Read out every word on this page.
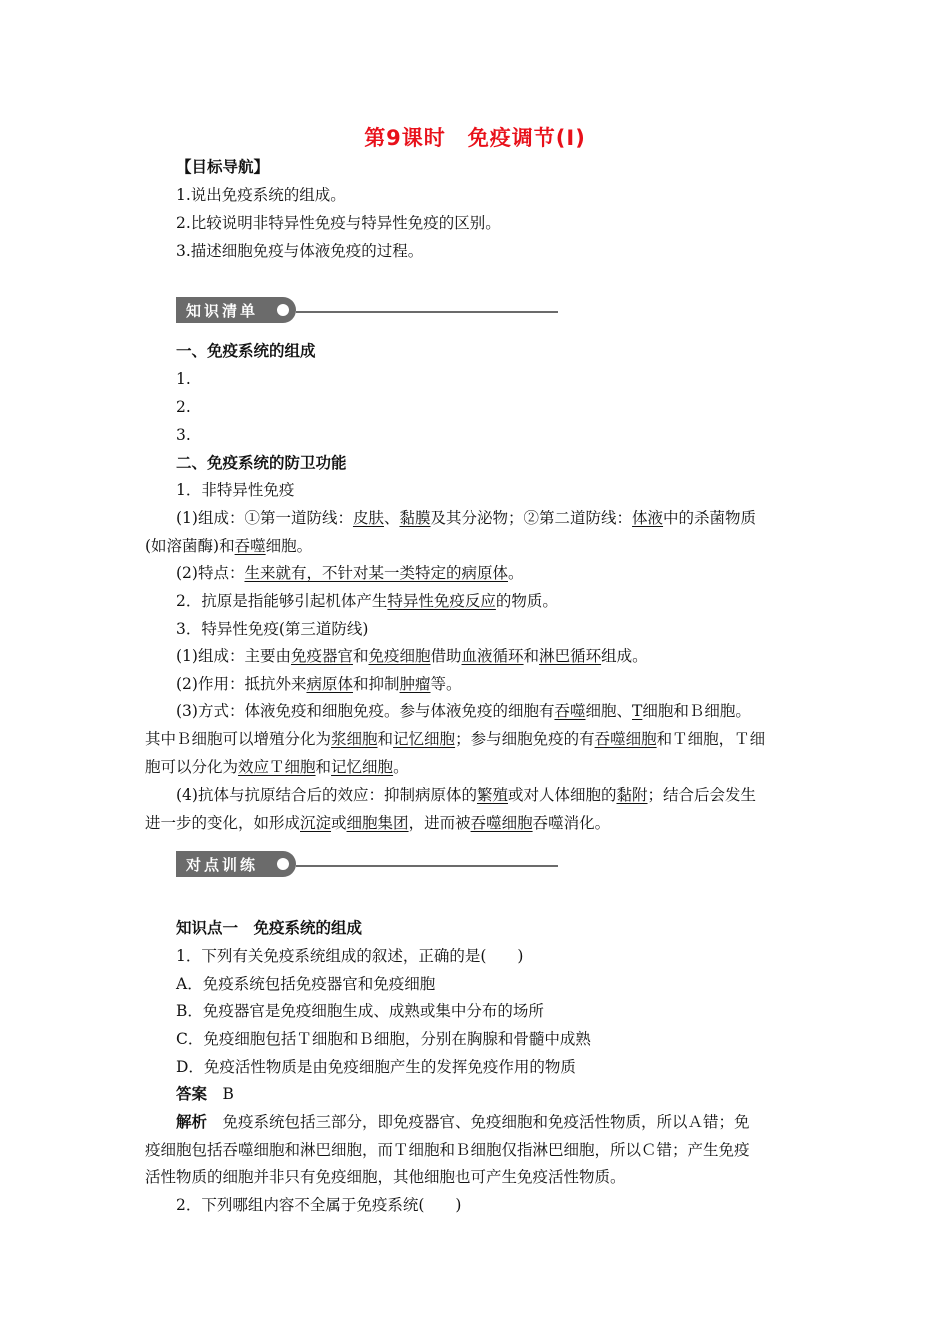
第9课时　免疫调节(Ⅰ)
【目标导航】
1.说出免疫系统的组成。
2.比较说明非特异性免疫与特异性免疫的区别。
3.描述细胞免疫与体液免疫的过程。
知识清单
一、免疫系统的组成
1.
2.
3.
二、免疫系统的防卫功能
1．非特异性免疫
(1)组成：①第一道防线：皮肤、黏膜及其分泌物；②第二道防线：体液中的杀菌物质
(如溶菌酶)和吞噬细胞。
(2)特点：生来就有，不针对某一类特定的病原体。
2．抗原是指能够引起机体产生特异性免疫反应的物质。
3．特异性免疫(第三道防线)
(1)组成：主要由免疫器官和免疫细胞借助血液循环和淋巴循环组成。
(2)作用：抵抗外来病原体和抑制肿瘤等。
(3)方式：体液免疫和细胞免疫。参与体液免疫的细胞有吞噬细胞、T细胞和Ｂ细胞。
其中Ｂ细胞可以增殖分化为浆细胞和记忆细胞；参与细胞免疫的有吞噬细胞和Ｔ细胞，Ｔ细
胞可以分化为效应Ｔ细胞和记忆细胞。
(4)抗体与抗原结合后的效应：抑制病原体的繁殖或对人体细胞的黏附；结合后会发生
进一步的变化，如形成沉淀或细胞集团，进而被吞噬细胞吞噬消化。
对点训练
知识点一　免疫系统的组成
1．下列有关免疫系统组成的叙述，正确的是(　　)
A．免疫系统包括免疫器官和免疫细胞
B．免疫器官是免疫细胞生成、成熟或集中分布的场所
C．免疫细胞包括Ｔ细胞和Ｂ细胞，分别在胸腺和骨髓中成熟
D．免疫活性物质是由免疫细胞产生的发挥免疫作用的物质
答案　B
解析　免疫系统包括三部分，即免疫器官、免疫细胞和免疫活性物质，所以Ａ错；免
疫细胞包括吞噬细胞和淋巴细胞，而Ｔ细胞和Ｂ细胞仅指淋巴细胞，所以Ｃ错；产生免疫
活性物质的细胞并非只有免疫细胞，其他细胞也可产生免疫活性物质。
2．下列哪组内容不全属于免疫系统(　　)
